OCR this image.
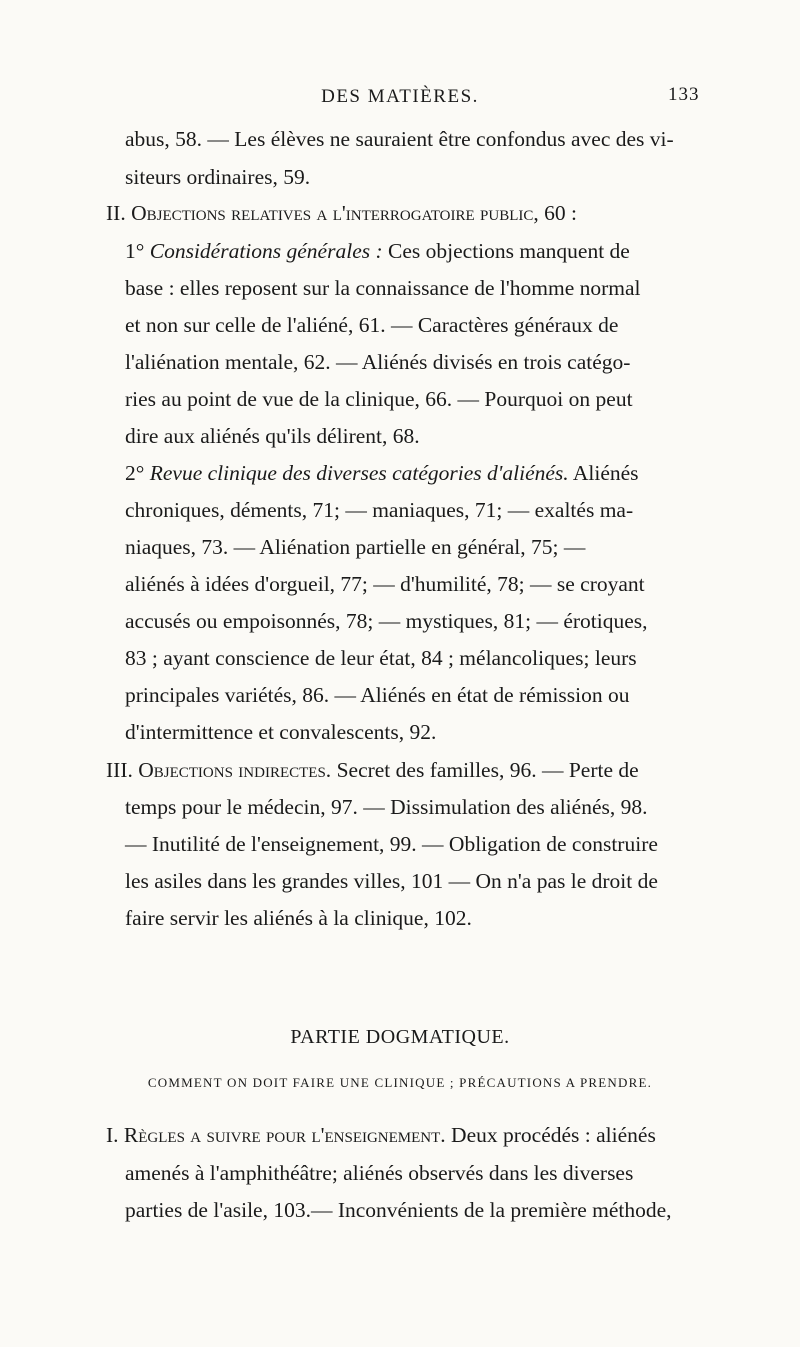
DES MATIÈRES.	133
abus, 58. — Les élèves ne sauraient être confondus avec des vi-
siteurs ordinaires, 59.
II. Objections relatives a l'interrogatoire public, 60 :
1° Considérations générales : Ces objections manquent de
base : elles reposent sur la connaissance de l'homme normal
et non sur celle de l'aliéné, 61. — Caractères généraux de
l'aliénation mentale, 62. — Aliénés divisés en trois catégo-
ries au point de vue de la clinique, 66. — Pourquoi on peut
dire aux aliénés qu'ils délirent, 68.
2° Revue clinique des diverses catégories d'aliénés. Aliénés
chroniques, déments, 71; — maniaques, 71; — exaltés ma-
niaques, 73. — Aliénation partielle en général, 75; —
aliénés à idées d'orgueil, 77; — d'humilité, 78; — se croyant
accusés ou empoisonnés, 78; — mystiques, 81; — érotiques,
83 ; ayant conscience de leur état, 84 ; mélancoliques; leurs
principales variétés, 86. — Aliénés en état de rémission ou
d'intermittence et convalescents, 92.
III. Objections indirectes. Secret des familles, 96. — Perte de
temps pour le médecin, 97. — Dissimulation des aliénés, 98.
— Inutilité de l'enseignement, 99. — Obligation de construire
les asiles dans les grandes villes, 101 — On n'a pas le droit de
faire servir les aliénés à la clinique, 102.
PARTIE DOGMATIQUE.
COMMENT ON DOIT FAIRE UNE CLINIQUE ; PRÉCAUTIONS A PRENDRE.
I. Règles a suivre pour l'enseignement. Deux procédés : aliénés
amenés à l'amphithéâtre; aliénés observés dans les diverses
parties de l'asile, 103.— Inconvénients de la première méthode,
